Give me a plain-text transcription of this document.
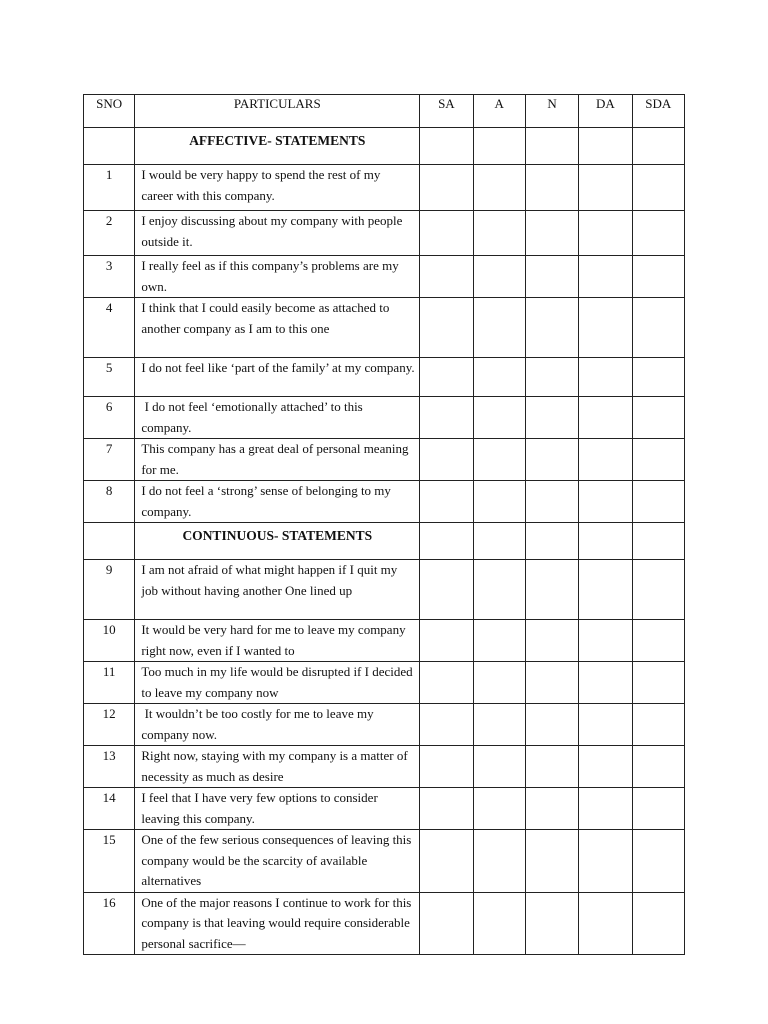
SNO	PARTICULARS	SA	A	N	DA	SDA
	AFFECTIVE- STATEMENTS					
1	I would be very happy to spend the rest of my career with this company.					
2	I enjoy discussing about my company with people outside it.					
3	I really feel as if this company’s problems are my own.					
4	I think that I could easily become as attached to another company as I am to this one					
5	I do not feel like ‘part of the family’ at my company.					
6	I do not feel ‘emotionally attached’ to this company.					
7	This company has a great deal of personal meaning for me.					
8	I do not feel a ‘strong’ sense of belonging to my company.					
	CONTINUOUS- STATEMENTS					
9	I am not afraid of what might happen if I quit my job without having another One lined up					
10	It would be very hard for me to leave my company right now, even if I wanted to					
11	Too much in my life would be disrupted if I decided to leave my company now					
12	It wouldn’t be too costly for me to leave my company now.					
13	Right now, staying with my company is a matter of necessity as much as desire					
14	I feel that I have very few options to consider leaving this company.					
15	One of the few serious consequences of leaving this company would be the scarcity of available alternatives					
16	One of the major reasons I continue to work for this company is that leaving would require considerable personal sacrifice—					
